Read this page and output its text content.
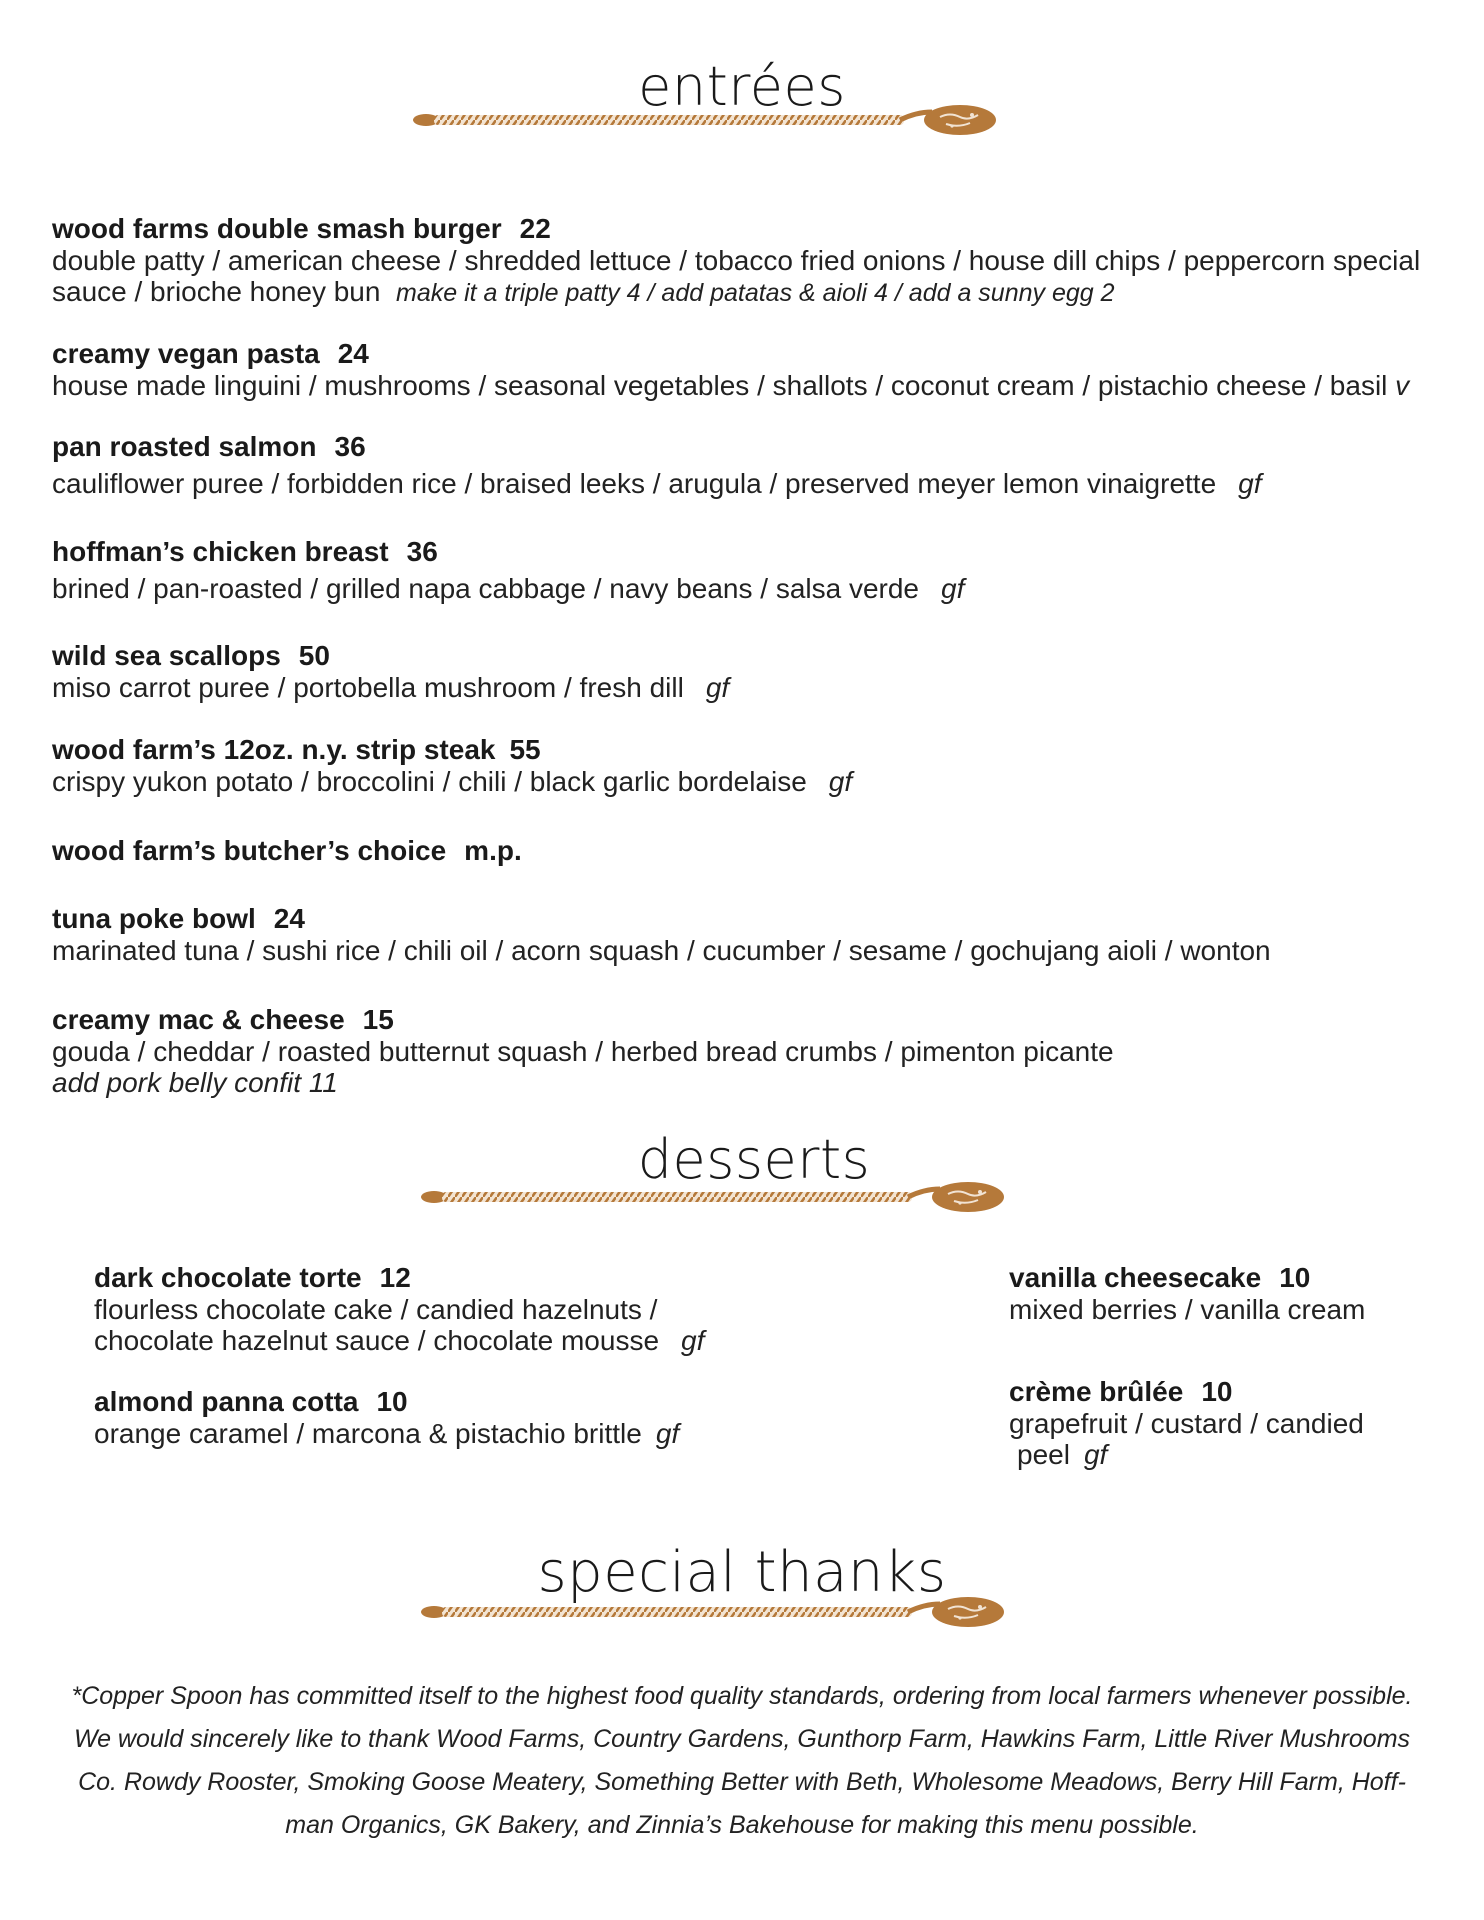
entrées
wood farms double smash burger 22
double patty / american cheese / shredded lettuce / tobacco fried onions / house dill chips / peppercorn special sauce / brioche honey bun make it a triple patty 4 / add patatas & aioli 4 / add a sunny egg 2
creamy vegan pasta 24
house made linguini / mushrooms / seasonal vegetables / shallots / coconut cream / pistachio cheese / basil v
pan roasted salmon 36
cauliflower puree / forbidden rice / braised leeks / arugula / preserved meyer lemon vinaigrette gf
hoffman’s chicken breast 36
brined / pan-roasted / grilled napa cabbage / navy beans / salsa verde gf
wild sea scallops 50
miso carrot puree / portobella mushroom / fresh dill gf
wood farm’s 12oz. n.y. strip steak 55
crispy yukon potato / broccolini / chili / black garlic bordelaise gf
wood farm’s butcher’s choice m.p.
tuna poke bowl 24
marinated tuna / sushi rice / chili oil / acorn squash / cucumber / sesame / gochujang aioli / wonton
creamy mac & cheese 15
gouda / cheddar / roasted butternut squash / herbed bread crumbs / pimenton picante
add pork belly confit 11
desserts
dark chocolate torte 12
flourless chocolate cake / candied hazelnuts /
chocolate hazelnut sauce / chocolate mousse gf
almond panna cotta 10
orange caramel / marcona & pistachio brittle gf
vanilla cheesecake 10
mixed berries / vanilla cream
crème brûlée 10
grapefruit / custard / candied
peel gf
special thanks
*Copper Spoon has committed itself to the highest food quality standards, ordering from local farmers whenever possible.
We would sincerely like to thank Wood Farms, Country Gardens, Gunthorp Farm, Hawkins Farm, Little River Mushrooms
Co. Rowdy Rooster, Smoking Goose Meatery, Something Better with Beth, Wholesome Meadows, Berry Hill Farm, Hoff-
man Organics, GK Bakery, and Zinnia’s Bakehouse for making this menu possible.
